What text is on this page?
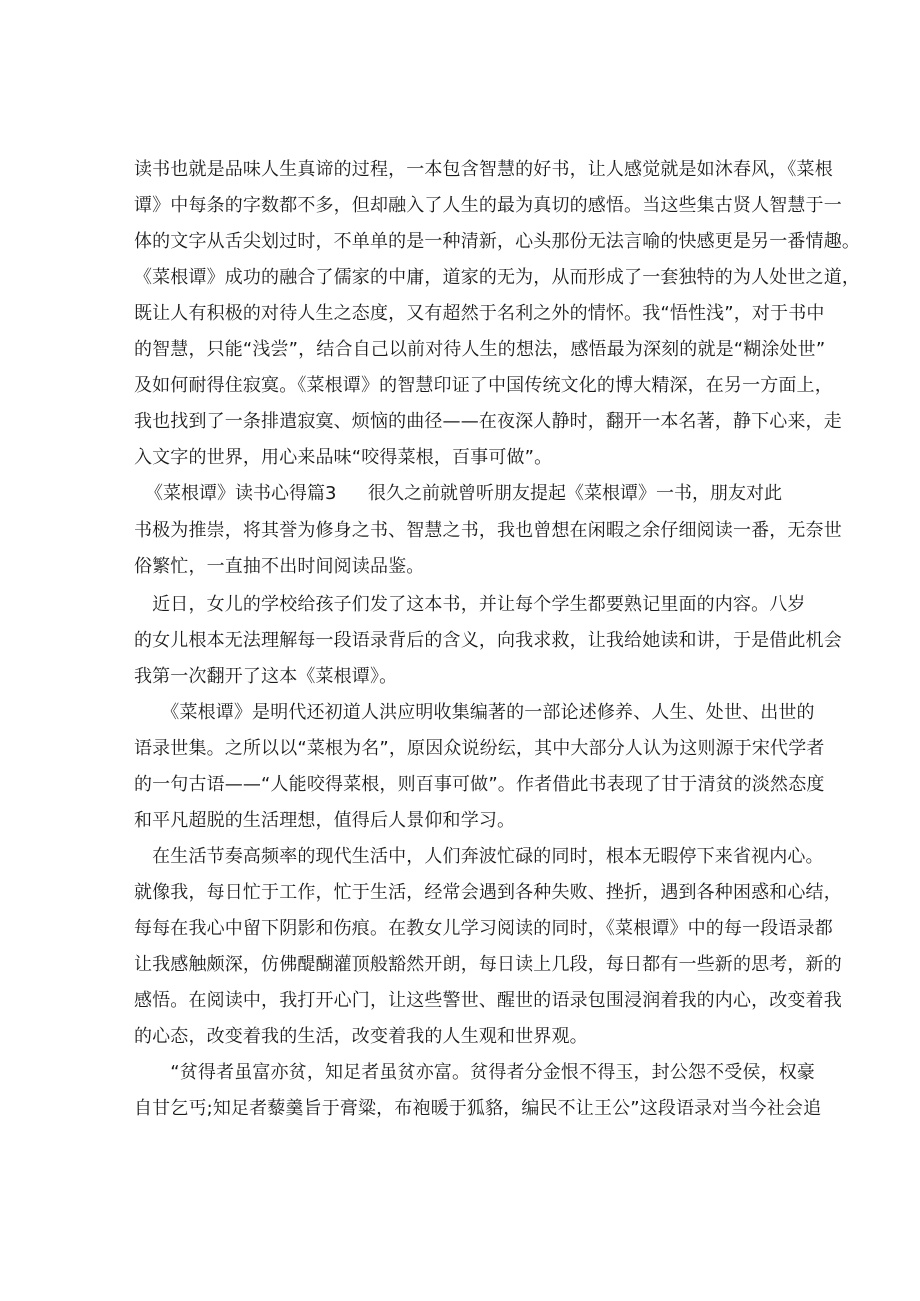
读书也就是品味人生真谛的过程，一本包含智慧的好书，让人感觉就是如沐春风，《菜根
谭》中每条的字数都不多，但却融入了人生的最为真切的感悟。当这些集古贤人智慧于一
体的文字从舌尖划过时，不单单的是一种清新，心头那份无法言喻的快感更是另一番情趣。
《菜根谭》成功的融合了儒家的中庸，道家的无为，从而形成了一套独特的为人处世之道，
既让人有积极的对待人生之态度，又有超然于名利之外的情怀。我“悟性浅”，对于书中
的智慧，只能“浅尝”，结合自己以前对待人生的想法，感悟最为深刻的就是“糊涂处世”
及如何耐得住寂寞。《菜根谭》的智慧印证了中国传统文化的博大精深，在另一方面上，
我也找到了一条排遣寂寞、烦恼的曲径——在夜深人静时，翻开一本名著，静下心来，走
入文字的世界，用心来品味“咬得菜根，百事可做”。
《菜根谭》读书心得篇3 很久之前就曾听朋友提起《菜根谭》一书，朋友对此
书极为推崇，将其誉为修身之书、智慧之书，我也曾想在闲暇之余仔细阅读一番，无奈世
俗繁忙，一直抽不出时间阅读品鉴。
　近日，女儿的学校给孩子们发了这本书，并让每个学生都要熟记里面的内容。八岁
的女儿根本无法理解每一段语录背后的含义，向我求救，让我给她读和讲，于是借此机会
我第一次翻开了这本《菜根谭》。
　　《菜根谭》是明代还初道人洪应明收集编著的一部论述修养、人生、处世、出世的
语录世集。之所以以“菜根为名”，原因众说纷纭，其中大部分人认为这则源于宋代学者
的一句古语——“人能咬得菜根，则百事可做”。作者借此书表现了甘于清贫的淡然态度
和平凡超脱的生活理想，值得后人景仰和学习。
　在生活节奏高频率的现代生活中，人们奔波忙碌的同时，根本无暇停下来省视内心。
就像我，每日忙于工作，忙于生活，经常会遇到各种失败、挫折，遇到各种困惑和心结，
每每在我心中留下阴影和伤痕。在教女儿学习阅读的同时，《菜根谭》中的每一段语录都
让我感触颇深，仿佛醍醐灌顶般豁然开朗，每日读上几段，每日都有一些新的思考，新的
感悟。在阅读中，我打开心门，让这些警世、醒世的语录包围浸润着我的内心，改变着我
的心态，改变着我的生活，改变着我的人生观和世界观。
　　“贫得者虽富亦贫，知足者虽贫亦富。贫得者分金恨不得玉，封公怨不受侯，权豪
自甘乞丐;知足者藜羹旨于膏粱，布袍暖于狐貉，编民不让王公”这段语录对当今社会追
